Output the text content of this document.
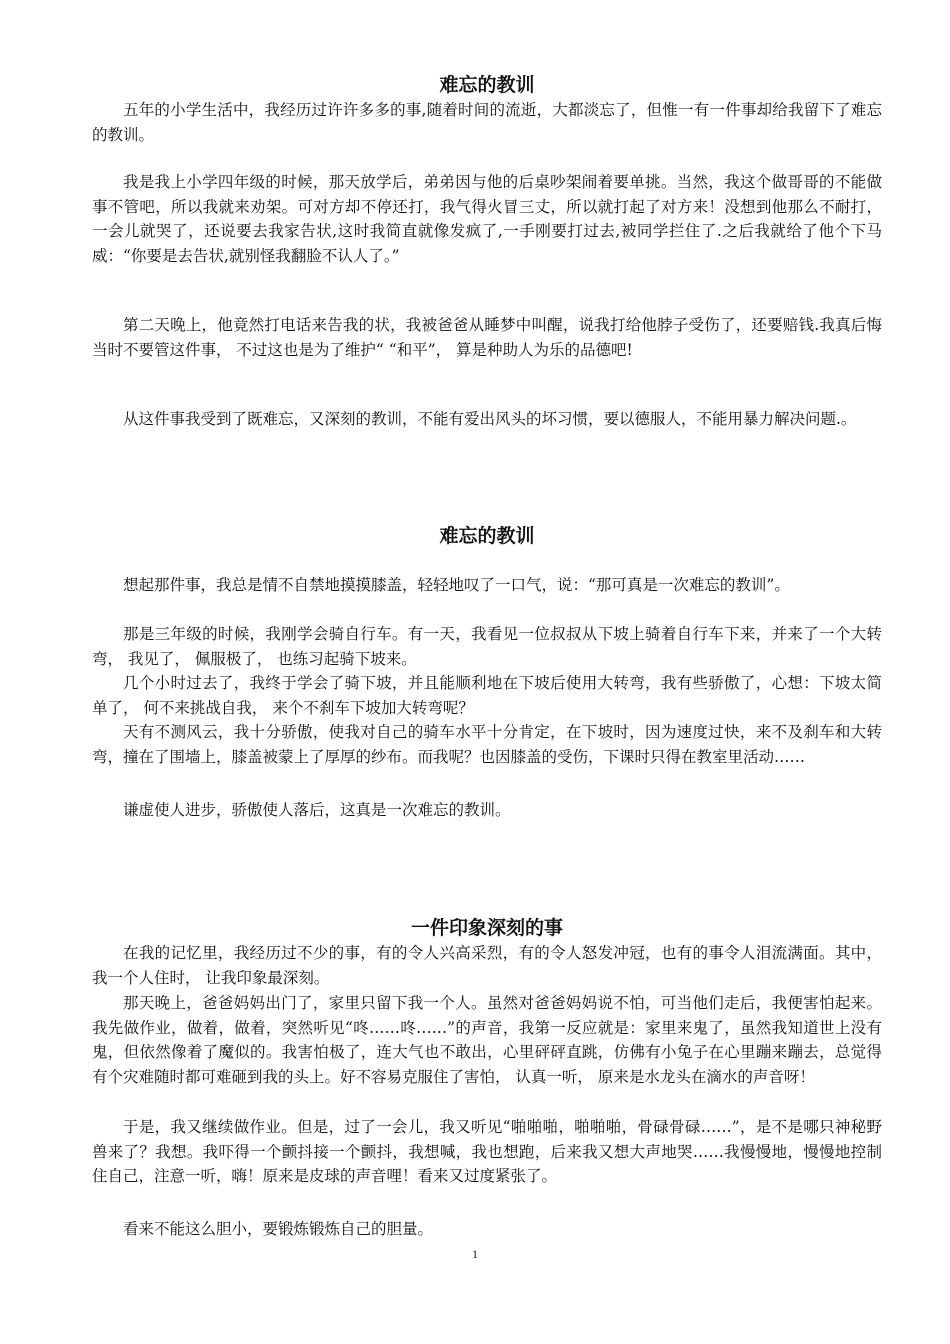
难忘的教训

五年的小学生活中，我经历过许许多多的事,随着时间的流逝，大都淡忘了，但惟一有一件事却给我留下了难忘的教训。

我是我上小学四年级的时候，那天放学后，弟弟因与他的后桌吵架闹着要单挑。当然，我这个做哥哥的不能做事不管吧，所以我就来劝架。可对方却不停还打，我气得火冒三丈，所以就打起了对方来！没想到他那么不耐打，一会儿就哭了，还说要去我家告状,这时我简直就像发疯了,一手刚要打过去,被同学拦住了.之后我就给了他个下马威：“你要是去告状,就别怪我翻脸不认人了。”

第二天晚上，他竟然打电话来告我的状，我被爸爸从睡梦中叫醒，说我打给他脖子受伤了，还要赔钱.我真后悔当时不要管这件事， 不过这也是为了维护“ “和平”， 算是种助人为乐的品德吧!

从这件事我受到了既难忘，又深刻的教训，不能有爱出风头的坏习惯，要以德服人，不能用暴力解决问题.。

难忘的教训

想起那件事，我总是情不自禁地摸摸膝盖，轻轻地叹了一口气，说：“那可真是一次难忘的教训”。

那是三年级的时候，我刚学会骑自行车。有一天，我看见一位叔叔从下坡上骑着自行车下来，并来了一个大转弯， 我见了， 佩服极了， 也练习起骑下坡来。

几个小时过去了，我终于学会了骑下坡，并且能顺利地在下坡后使用大转弯，我有些骄傲了，心想：下坡太简单了， 何不来挑战自我， 来个不刹车下坡加大转弯呢？

天有不测风云，我十分骄傲，使我对自己的骑车水平十分肯定，在下坡时，因为速度过快，来不及刹车和大转弯，撞在了围墙上，膝盖被蒙上了厚厚的纱布。而我呢？也因膝盖的受伤，下课时只得在教室里活动……

谦虚使人进步，骄傲使人落后，这真是一次难忘的教训。

一件印象深刻的事

在我的记忆里，我经历过不少的事，有的令人兴高采烈，有的令人怒发冲冠，也有的事令人泪流满面。其中， 我一个人住时， 让我印象最深刻。

那天晚上，爸爸妈妈出门了，家里只留下我一个人。虽然对爸爸妈妈说不怕，可当他们走后，我便害怕起来。我先做作业，做着，做着，突然听见“咚……咚……”的声音，我第一反应就是：家里来鬼了，虽然我知道世上没有鬼，但依然像着了魔似的。我害怕极了，连大气也不敢出，心里砰砰直跳，仿佛有小兔子在心里蹦来蹦去，总觉得有个灾难随时都可难砸到我的头上。好不容易克服住了害怕， 认真一听， 原来是水龙头在滴水的声音呀！

于是，我又继续做作业。但是，过了一会儿，我又听见“啪啪啪，啪啪啪，骨碌骨碌……”，是不是哪只神秘野兽来了？我想。我吓得一个颤抖接一个颤抖，我想喊，我也想跑，后来我又想大声地哭……我慢慢地，慢慢地控制住自己，注意一听，嗨！原来是皮球的声音哩！看来又过度紧张了。

看来不能这么胆小，要锻炼锻炼自己的胆量。

1
